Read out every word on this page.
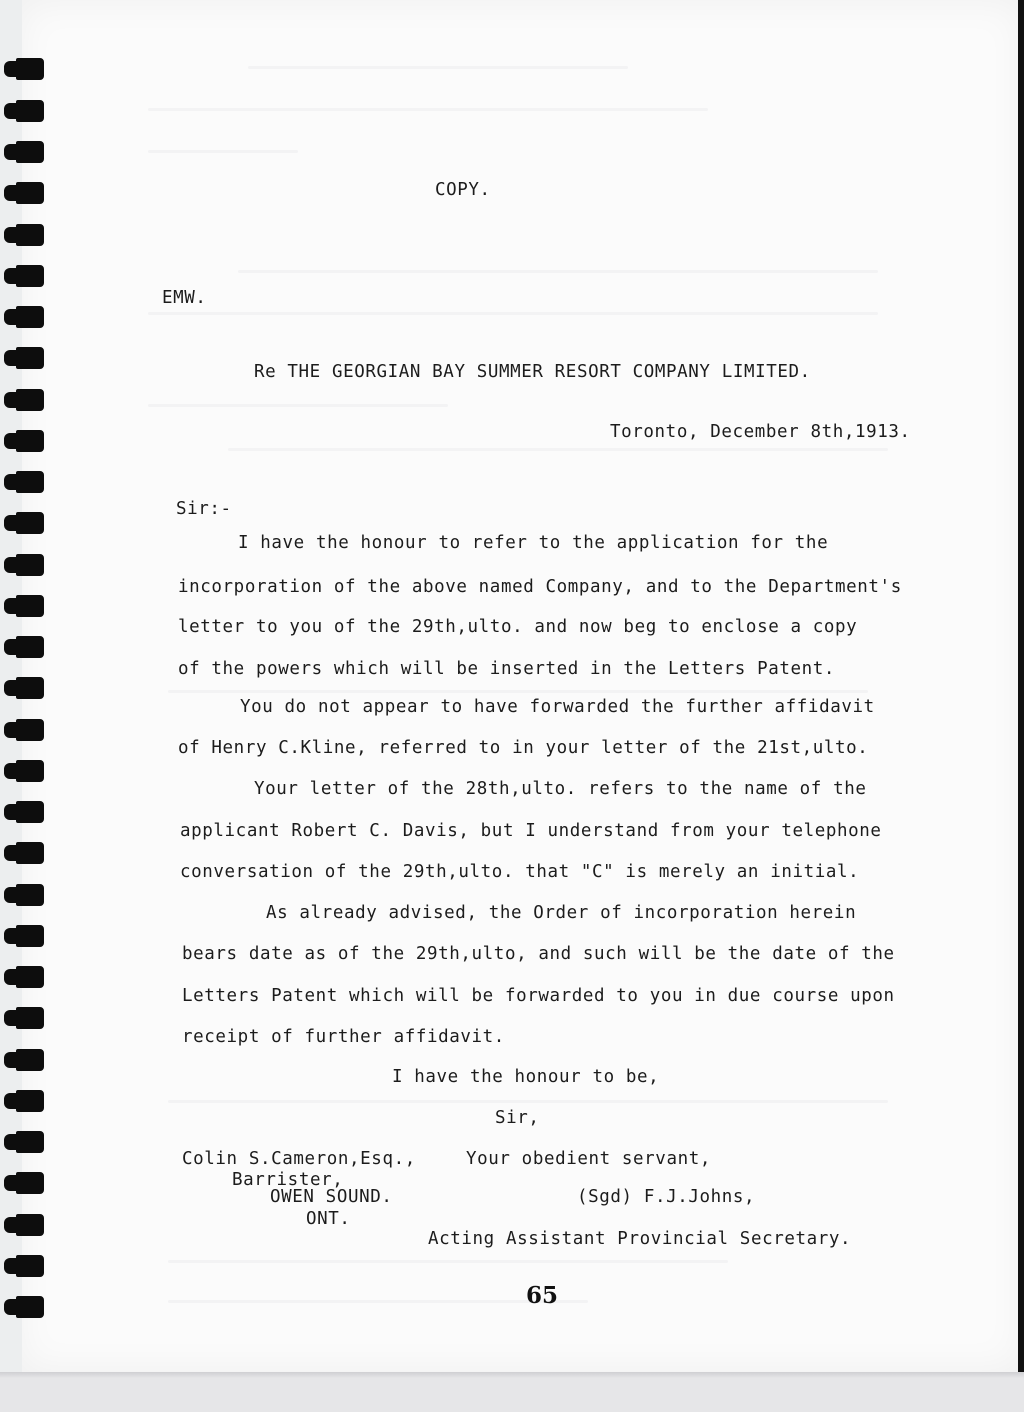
COPY.
EMW.
Re THE GEORGIAN BAY SUMMER RESORT COMPANY LIMITED.
Toronto, December 8th,1913.
Sir:-
I have the honour to refer to the application for the
incorporation of the above named Company, and to the Department's
letter to you of the 29th,ulto. and now beg to enclose a copy
of the powers which will be inserted in the Letters Patent.
You do not appear to have forwarded the further affidavit
of Henry C.Kline, referred to in your letter of the 21st,ulto.
Your letter of the 28th,ulto. refers to the name of the
applicant Robert C. Davis, but I understand from your telephone
conversation of the 29th,ulto. that "C" is merely an initial.
As already advised, the Order of incorporation herein
bears date as of the 29th,ulto, and such will be the date of the
Letters Patent which will be forwarded to you in due course upon
receipt of further affidavit.
I have the honour to be,
Sir,
Colin S.Cameron,Esq.,	Your obedient servant,
Barrister,
OWEN SOUND.	(Sgd) F.J.Johns,
ONT.
Acting Assistant Provincial Secretary.
65
